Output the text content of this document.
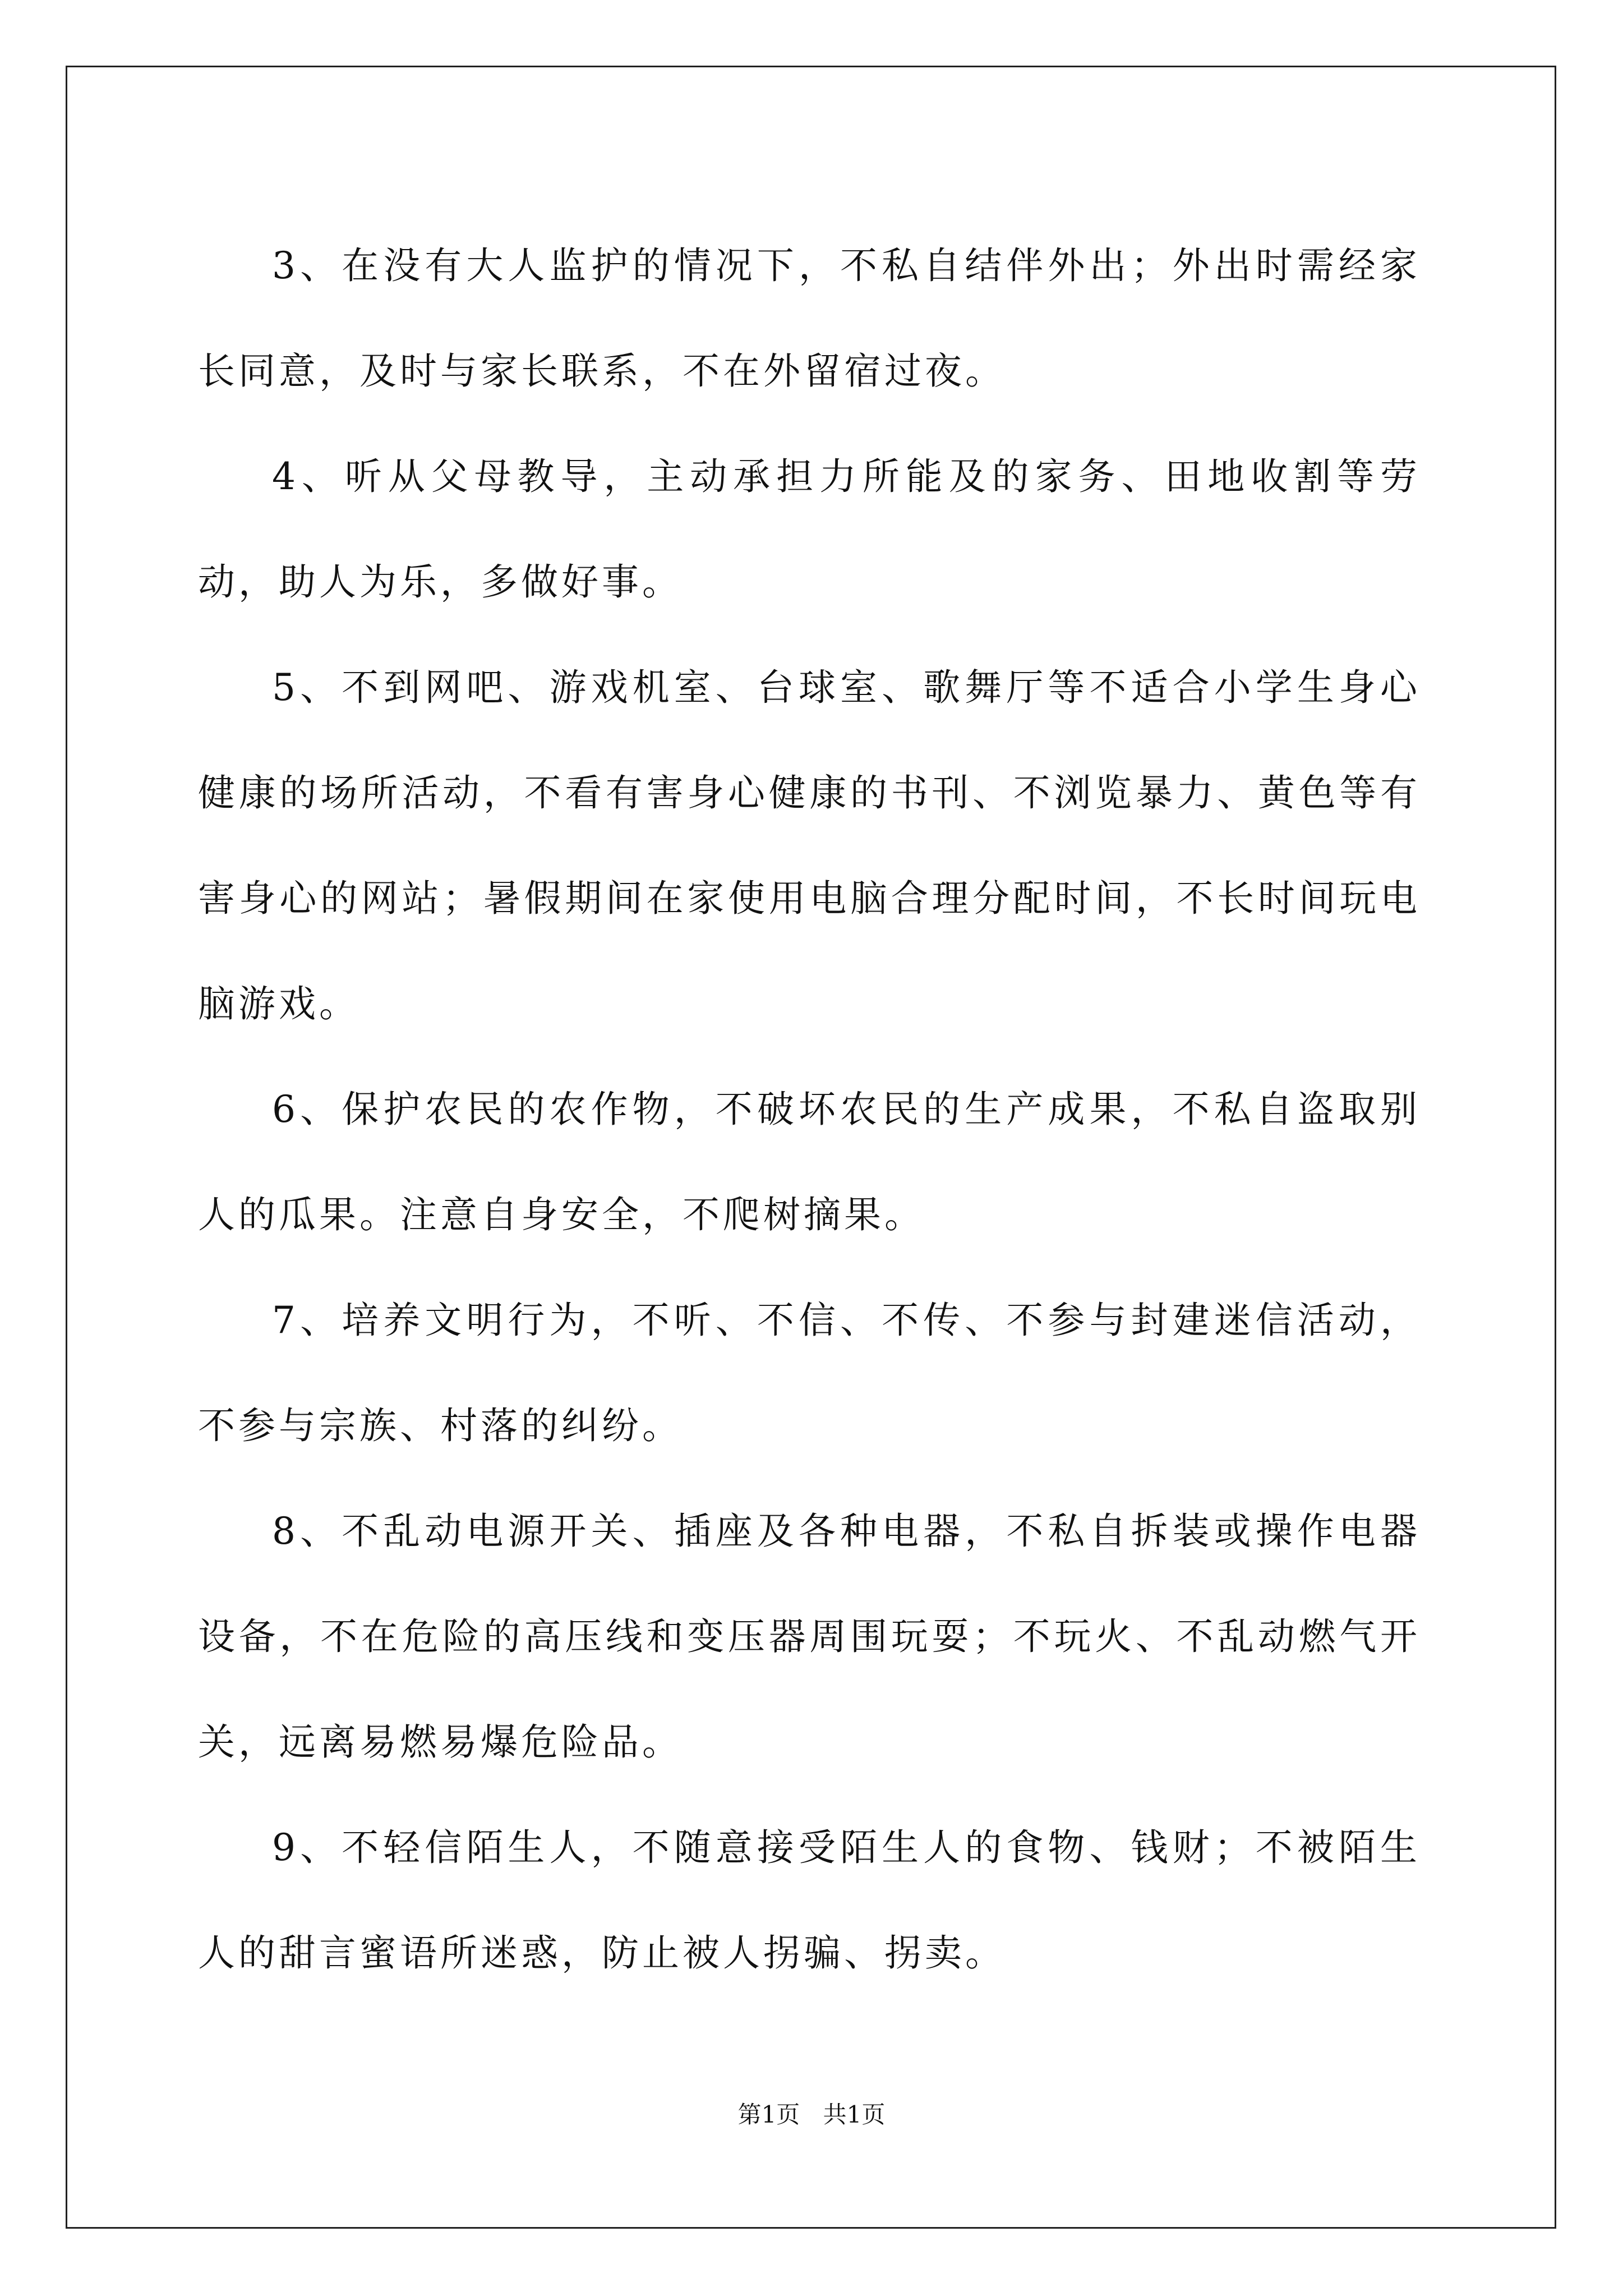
3、在没有大人监护的情况下，不私自结伴外出；外出时需经家长同意，及时与家长联系，不在外留宿过夜。

4、听从父母教导，主动承担力所能及的家务、田地收割等劳动，助人为乐，多做好事。

5、不到网吧、游戏机室、台球室、歌舞厅等不适合小学生身心健康的场所活动，不看有害身心健康的书刊、不浏览暴力、黄色等有害身心的网站；暑假期间在家使用电脑合理分配时间，不长时间玩电脑游戏。

6、保护农民的农作物，不破坏农民的生产成果，不私自盗取别人的瓜果。注意自身安全，不爬树摘果。

7、培养文明行为，不听、不信、不传、不参与封建迷信活动，不参与宗族、村落的纠纷。

8、不乱动电源开关、插座及各种电器，不私自拆装或操作电器设备，不在危险的高压线和变压器周围玩耍；不玩火、不乱动燃气开关，远离易燃易爆危险品。

9、不轻信陌生人，不随意接受陌生人的食物、钱财；不被陌生人的甜言蜜语所迷惑，防止被人拐骗、拐卖。

第1页 共1页
